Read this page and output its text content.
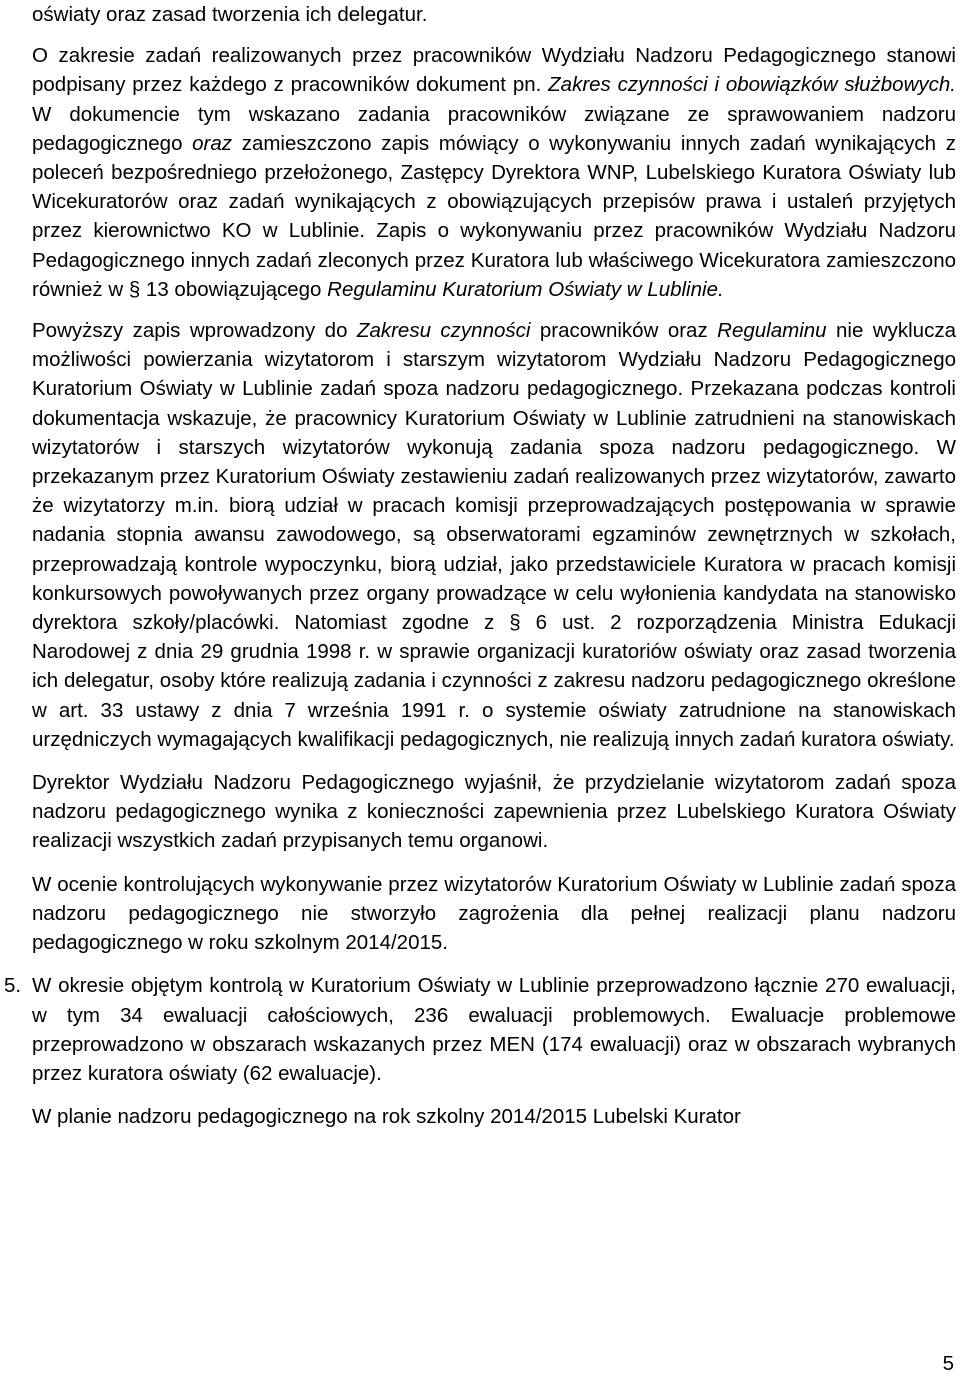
oświaty oraz zasad tworzenia ich delegatur.

O zakresie zadań realizowanych przez pracowników Wydziału Nadzoru Pedagogicznego stanowi podpisany przez każdego z pracowników dokument pn. Zakres czynności i obowiązków służbowych. W dokumencie tym wskazano zadania pracowników związane ze sprawowaniem nadzoru pedagogicznego oraz zamieszczono zapis mówiący o wykonywaniu innych zadań wynikających z poleceń bezpośredniego przełożonego, Zastępcy Dyrektora WNP, Lubelskiego Kuratora Oświaty lub Wicekuratorów oraz zadań wynikających z obowiązujących przepisów prawa i ustaleń przyjętych przez kierownictwo KO w Lublinie. Zapis o wykonywaniu przez pracowników Wydziału Nadzoru Pedagogicznego innych zadań zleconych przez Kuratora lub właściwego Wicekuratora zamieszczono również w § 13 obowiązującego Regulaminu Kuratorium Oświaty w Lublinie.

Powyższy zapis wprowadzony do Zakresu czynności pracowników oraz Regulaminu nie wyklucza możliwości powierzania wizytatorom i starszym wizytatorom Wydziału Nadzoru Pedagogicznego Kuratorium Oświaty w Lublinie zadań spoza nadzoru pedagogicznego. Przekazana podczas kontroli dokumentacja wskazuje, że pracownicy Kuratorium Oświaty w Lublinie zatrudnieni na stanowiskach wizytatorów i starszych wizytatorów wykonują zadania spoza nadzoru pedagogicznego. W przekazanym przez Kuratorium Oświaty zestawieniu zadań realizowanych przez wizytatorów, zawarto że wizytatorzy m.in. biorą udział w pracach komisji przeprowadzających postępowania w sprawie nadania stopnia awansu zawodowego, są obserwatorami egzaminów zewnętrznych w szkołach, przeprowadzają kontrole wypoczynku, biorą udział, jako przedstawiciele Kuratora w pracach komisji konkursowych powoływanych przez organy prowadzące w celu wyłonienia kandydata na stanowisko dyrektora szkoły/placówki. Natomiast zgodne z § 6 ust. 2 rozporządzenia Ministra Edukacji Narodowej z dnia 29 grudnia 1998 r. w sprawie organizacji kuratoriów oświaty oraz zasad tworzenia ich delegatur, osoby które realizują zadania i czynności z zakresu nadzoru pedagogicznego określone w art. 33 ustawy z dnia 7 września 1991 r. o systemie oświaty zatrudnione na stanowiskach urzędniczych wymagających kwalifikacji pedagogicznych, nie realizują innych zadań kuratora oświaty.

Dyrektor Wydziału Nadzoru Pedagogicznego wyjaśnił, że przydzielanie wizytatorom zadań spoza nadzoru pedagogicznego wynika z konieczności zapewnienia przez Lubelskiego Kuratora Oświaty realizacji wszystkich zadań przypisanych temu organowi.

W ocenie kontrolujących wykonywanie przez wizytatorów Kuratorium Oświaty w Lublinie zadań spoza nadzoru pedagogicznego nie stworzyło zagrożenia dla pełnej realizacji planu nadzoru pedagogicznego w roku szkolnym 2014/2015.

5. W okresie objętym kontrolą w Kuratorium Oświaty w Lublinie przeprowadzono łącznie 270 ewaluacji, w tym 34 ewaluacji całościowych, 236 ewaluacji problemowych. Ewaluacje problemowe przeprowadzono w obszarach wskazanych przez MEN (174 ewaluacji) oraz w obszarach wybranych przez kuratora oświaty (62 ewaluacje).

W planie nadzoru pedagogicznego na rok szkolny 2014/2015 Lubelski Kurator

5
